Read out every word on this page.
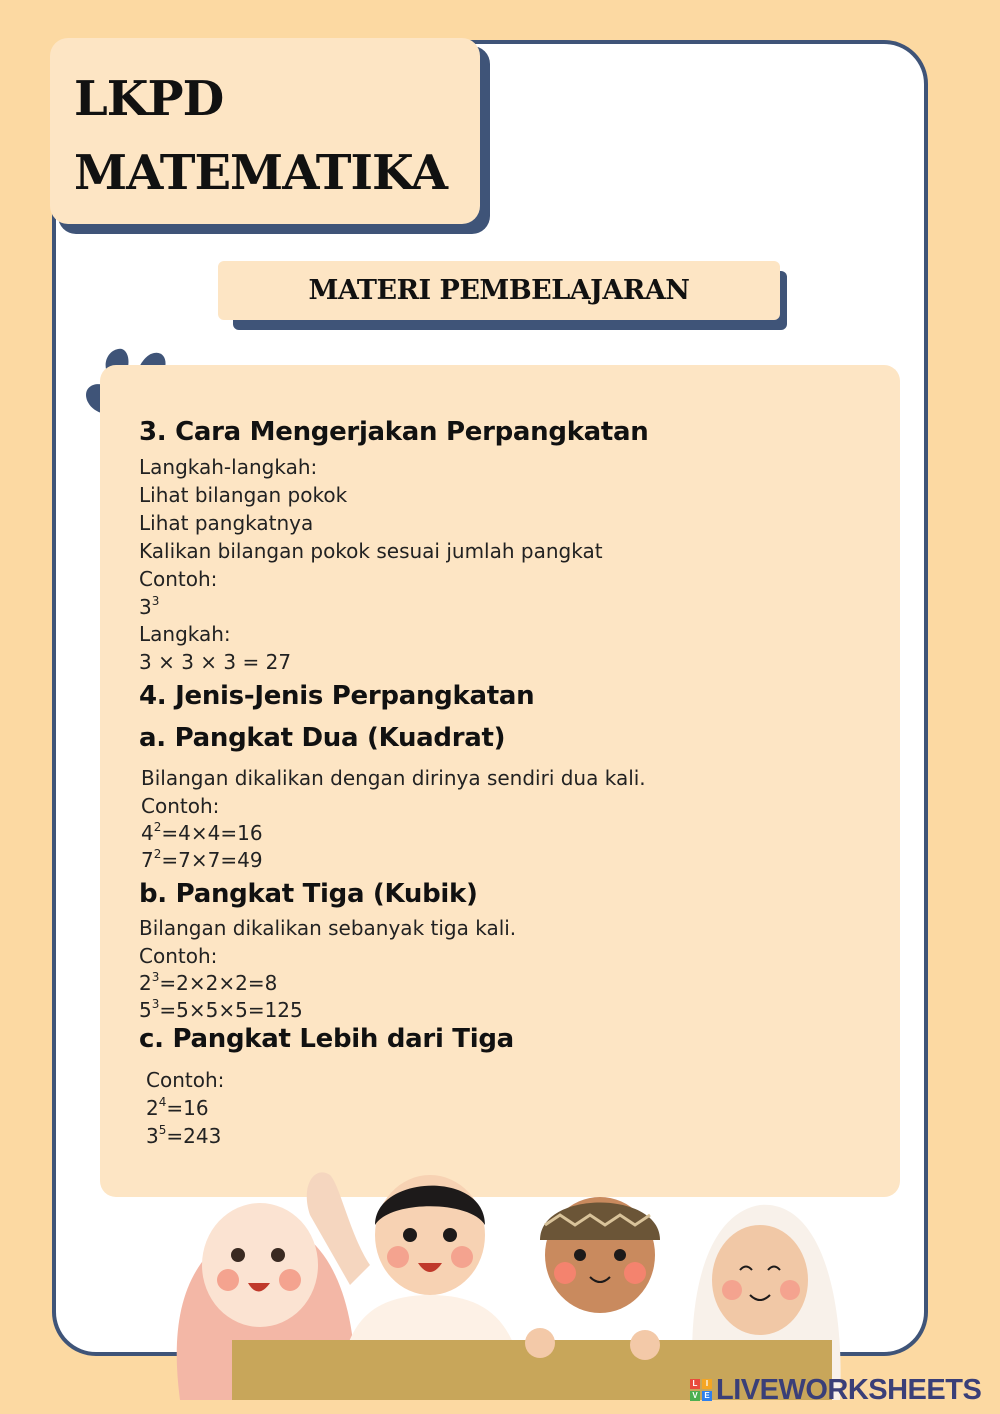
LKPD
MATEMATIKA
MATERI PEMBELAJARAN
3. Cara Mengerjakan Perpangkatan
Langkah-langkah:
Lihat bilangan pokok
Lihat pangkatnya
Kalikan bilangan pokok sesuai jumlah pangkat
Contoh:
$3^3$
Langkah:
3 × 3 × 3 = 27
4. Jenis-Jenis Perpangkatan
a. Pangkat Dua (Kuadrat)
Bilangan dikalikan dengan dirinya sendiri dua kali.
Contoh:
$4^2=4\times 4=16$
$7^2=7\times 7=49$
b. Pangkat Tiga (Kubik)
Bilangan dikalikan sebanyak tiga kali.
Contoh:
$2^3=2\times 2\times 2=8$
$5^3=5\times 5\times 5=125$
c. Pangkat Lebih dari Tiga
Contoh:
$2^4=16$
$3^5=243$
L	I
V E LIVEWORKSHEETS
